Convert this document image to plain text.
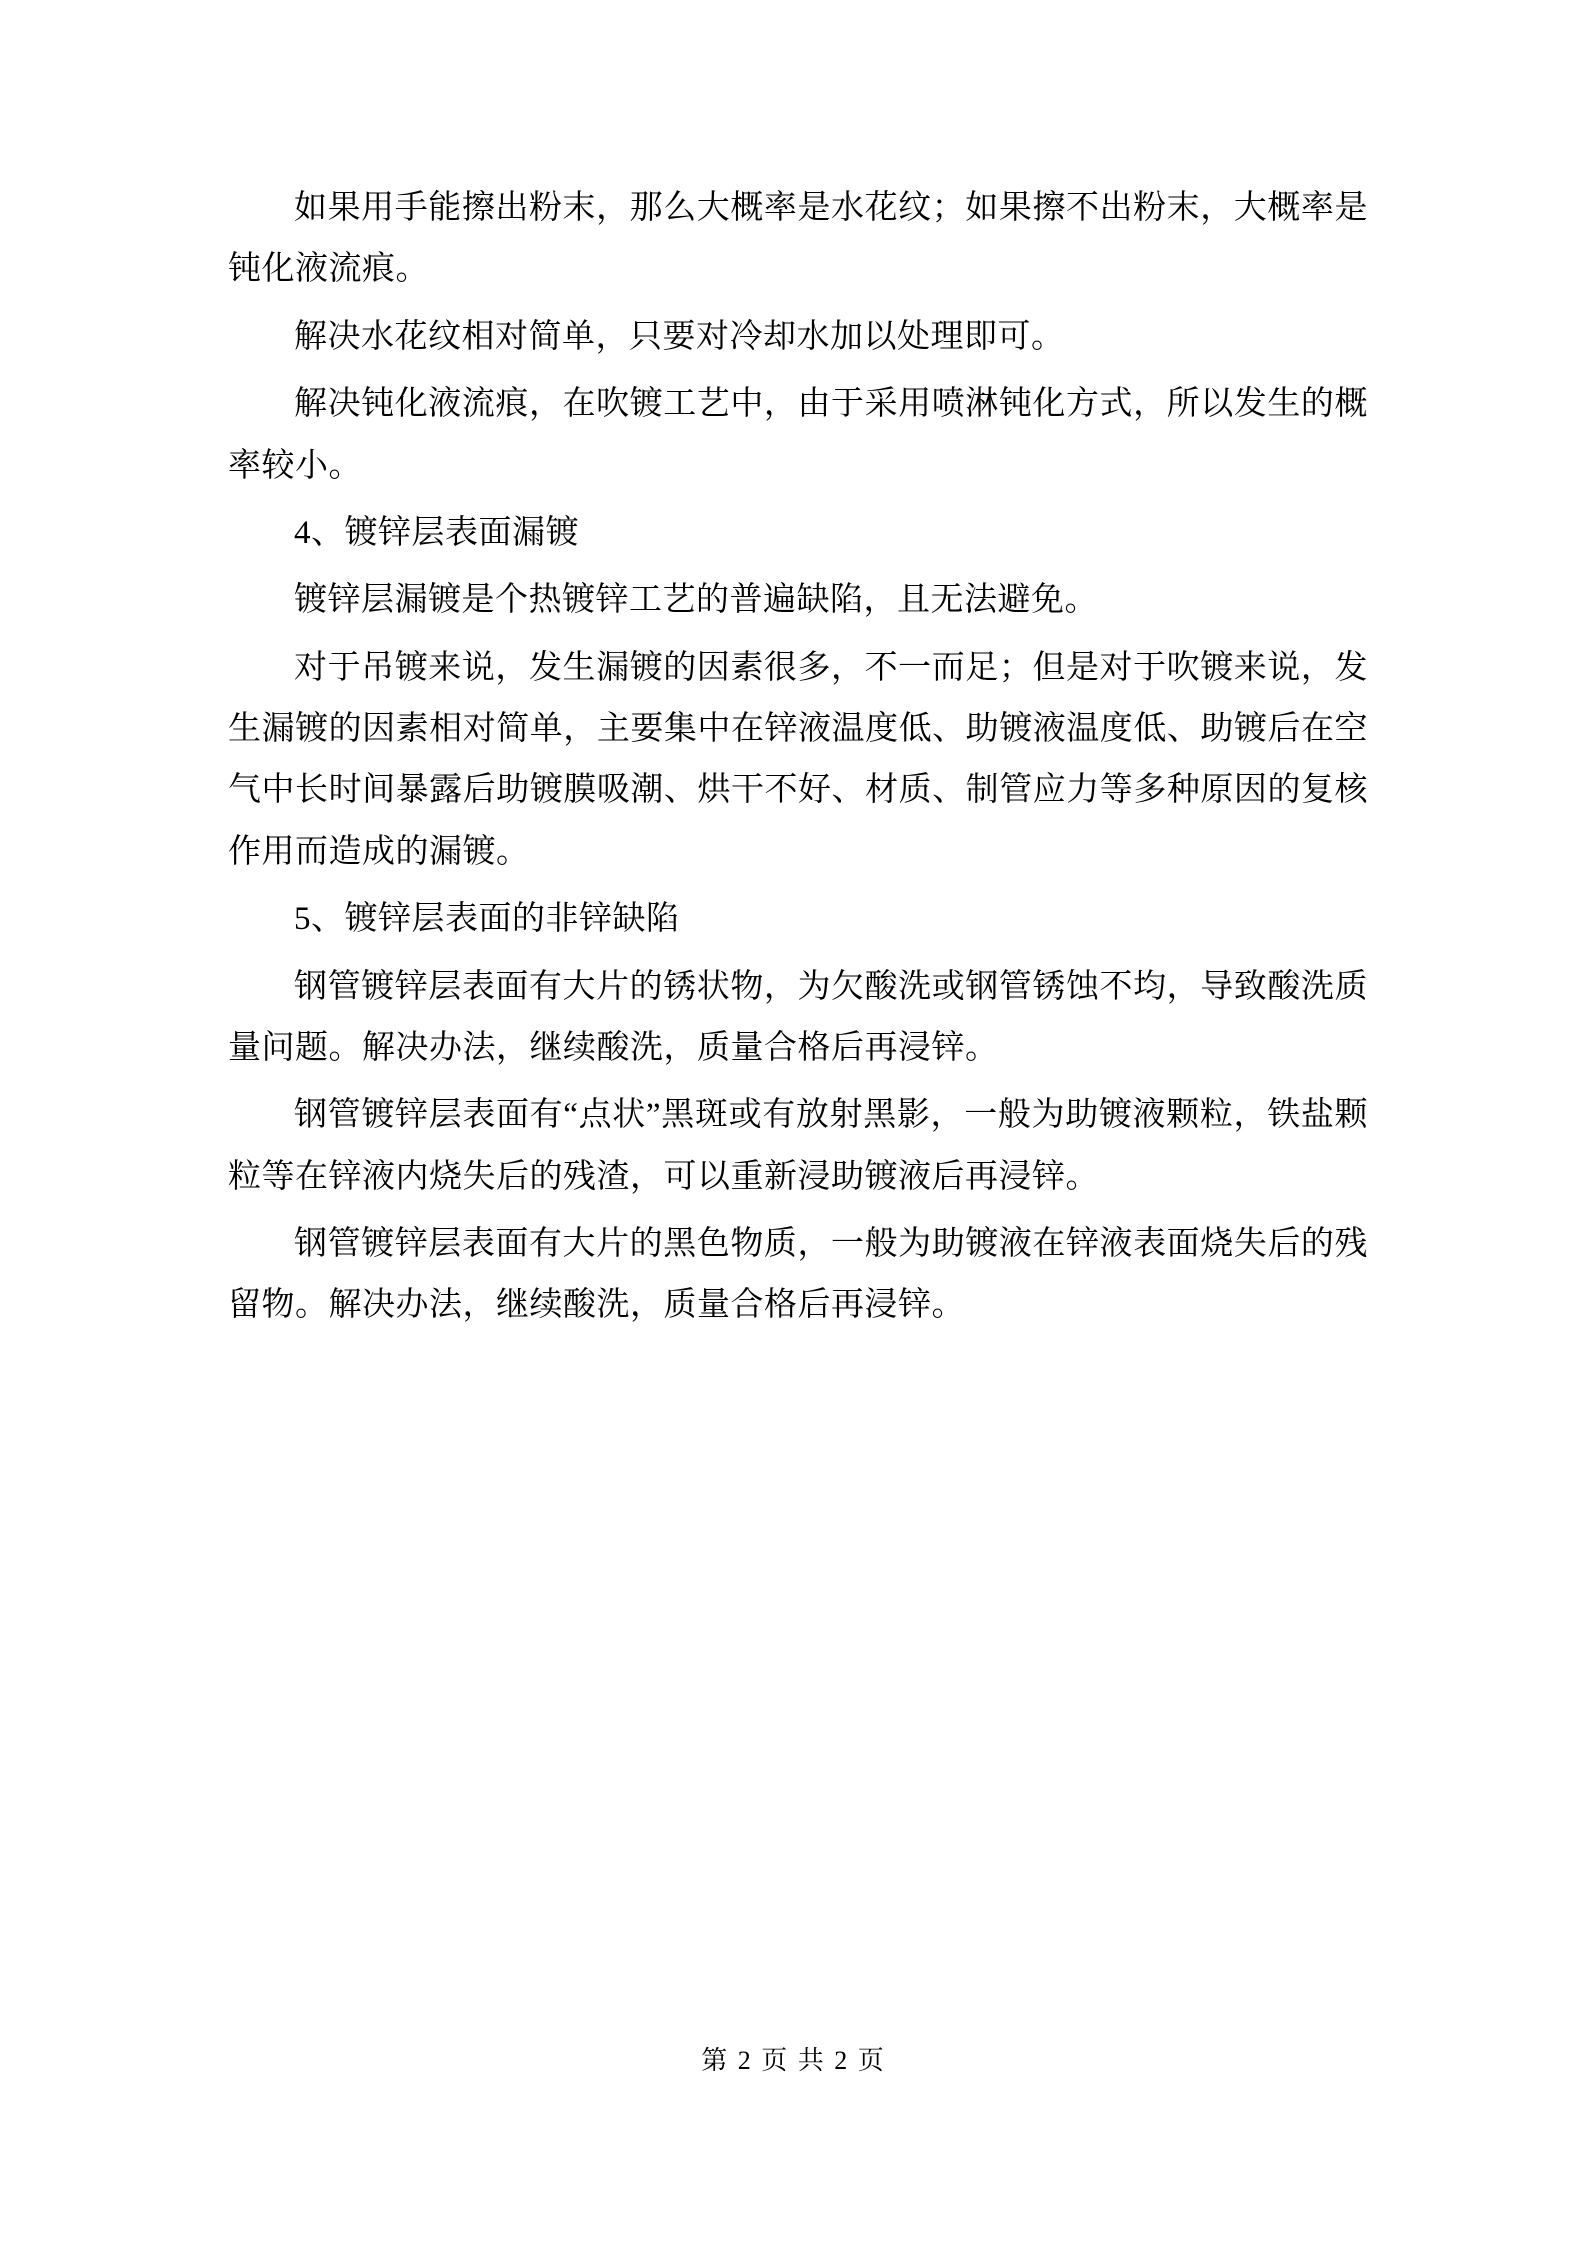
如果用手能擦出粉末，那么大概率是水花纹；如果擦不出粉末，大概率是钝化液流痕。

解决水花纹相对简单，只要对冷却水加以处理即可。

解决钝化液流痕，在吹镀工艺中，由于采用喷淋钝化方式，所以发生的概率较小。

4、镀锌层表面漏镀

镀锌层漏镀是个热镀锌工艺的普遍缺陷，且无法避免。

对于吊镀来说，发生漏镀的因素很多，不一而足；但是对于吹镀来说，发生漏镀的因素相对简单，主要集中在锌液温度低、助镀液温度低、助镀后在空气中长时间暴露后助镀膜吸潮、烘干不好、材质、制管应力等多种原因的复核作用而造成的漏镀。

5、镀锌层表面的非锌缺陷

钢管镀锌层表面有大片的锈状物，为欠酸洗或钢管锈蚀不均，导致酸洗质量问题。解决办法，继续酸洗，质量合格后再浸锌。

钢管镀锌层表面有“点状”黑斑或有放射黑影，一般为助镀液颗粒，铁盐颗粒等在锌液内烧失后的残渣，可以重新浸助镀液后再浸锌。

钢管镀锌层表面有大片的黑色物质，一般为助镀液在锌液表面烧失后的残留物。解决办法，继续酸洗，质量合格后再浸锌。

第 2 页 共 2 页
